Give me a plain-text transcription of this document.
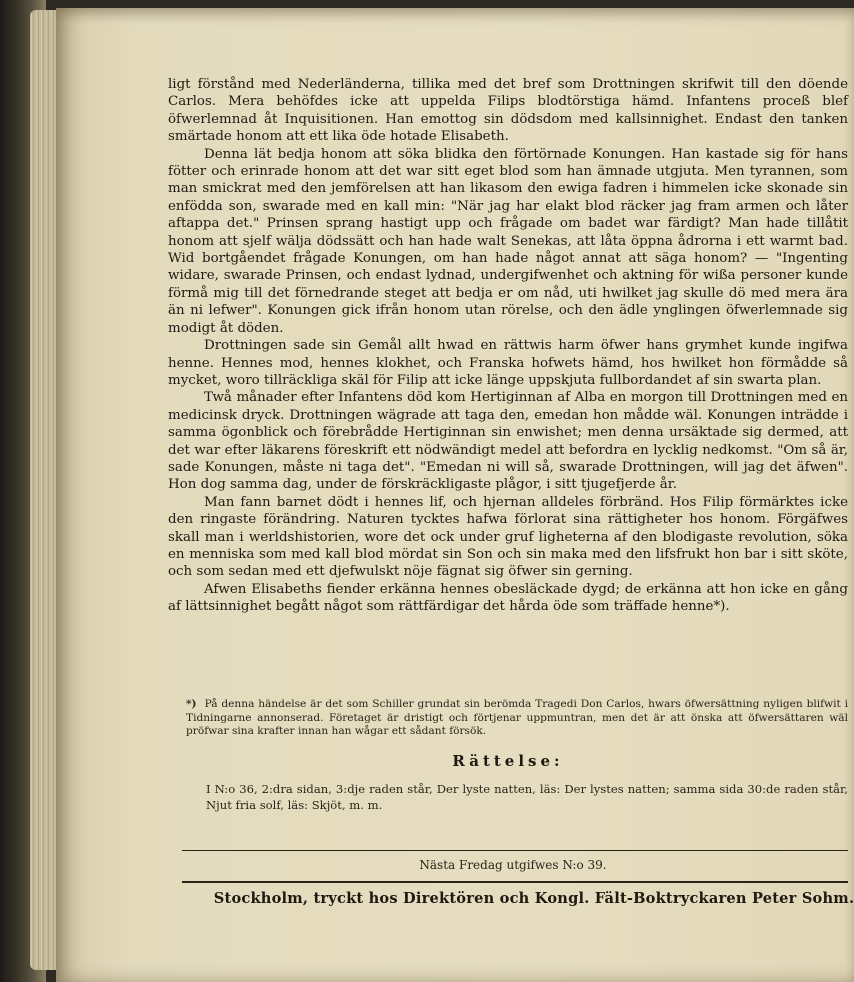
ligt förstånd med Nederländerna, tillika med det bref som Drottningen skrifwit till den döende Carlos. Mera behöfdes icke att uppelda Filips blodtörstiga hämd. Infantens proceß blef öfwerlemnad åt Inquisitionen. Han emottog sin dödsdom med kallsinnighet. Endast den tanken smärtade honom att ett lika öde hotade Elisabeth.

Denna lät bedja honom att söka blidka den förtörnade Konungen. Han kastade sig för hans fötter och erinrade honom att det war sitt eget blod som han ämnade utgjuta. Men tyrannen, som man smickrat med den jemförelsen att han likasom den ewiga fadren i himmelen icke skonade sin enfödda son, swarade med en kall min: "När jag har elakt blod räcker jag fram armen och låter aftappa det." Prinsen sprang hastigt upp och frågade om badet war färdigt? Man hade tillåtit honom att sjelf wälja dödssätt och han hade walt Senekas, att låta öppna ådrorna i ett warmt bad. Wid bortgåendet frågade Konungen, om han hade något annat att säga honom? — "Ingenting widare, swarade Prinsen, och endast lydnad, undergifwenhet och aktning för wißa personer kunde förmå mig till det förnedrande steget att bedja er om nåd, uti hwilket jag skulle dö med mera ära än ni lefwer". Konungen gick ifrån honom utan rörelse, och den ädle ynglingen öfwerlemnade sig modigt åt döden.

Drottningen sade sin Gemål allt hwad en rättwis harm öfwer hans grymhet kunde ingifwa henne. Hennes mod, hennes klokhet, och Franska hofwets hämd, hos hwilket hon förmådde så mycket, woro tillräckliga skäl för Filip att icke länge uppskjuta fullbordandet af sin swarta plan.

Twå månader efter Infantens död kom Hertiginnan af Alba en morgon till Drottningen med en medicinsk dryck. Drottningen wägrade att taga den, emedan hon mådde wäl. Konungen inträdde i samma ögonblick och förebrådde Hertiginnan sin enwishet; men denna ursäktade sig dermed, att det war efter läkarens föreskrift ett nödwändigt medel att befordra en lycklig nedkomst. "Om så är, sade Konungen, måste ni taga det". "Emedan ni will så, swarade Drottningen, will jag det äfwen". Hon dog samma dag, under de förskräckligaste plågor, i sitt tjugefjerde år.

Man fann barnet dödt i hennes lif, och hjernan alldeles förbränd. Hos Filip förmärktes icke den ringaste förändring. Naturen tycktes hafwa förlorat sina rättigheter hos honom. Förgäfwes skall man i werldshistorien, wore det ock under gruf ligheterna af den blodigaste revolution, söka en menniska som med kall blod mördat sin Son och sin maka med den lifsfrukt hon bar i sitt sköte, och som sedan med ett djefwulskt nöje fägnat sig öfwer sin gerning.

Afwen Elisabeths fiender erkänna hennes obesläckade dygd; de erkänna att hon icke en gång af lättsinnighet begått något som rättfärdigar det hårda öde som träffade henne*).

*) På denna händelse är det som Schiller grundat sin berömda Tragedi Don Carlos, hwars öfwersättning nyligen blifwit i Tidningarne annonserad. Företaget är dristigt och förtjenar uppmuntran, men det är att önska att öfwersättaren wäl pröfwar sina krafter innan han wågar ett sådant försök.
Rättelse:
I N:o 36, 2:dra sidan, 3:dje raden står, Der lyste natten, läs: Der lystes natten; samma sida 30:de raden står, Njut fria solf, läs: Skjöt, m. m.
Nästa Fredag utgifwes N:o 39.
Stockholm, tryckt hos Direktören och Kongl. Fält-Boktryckaren Peter Sohm.
